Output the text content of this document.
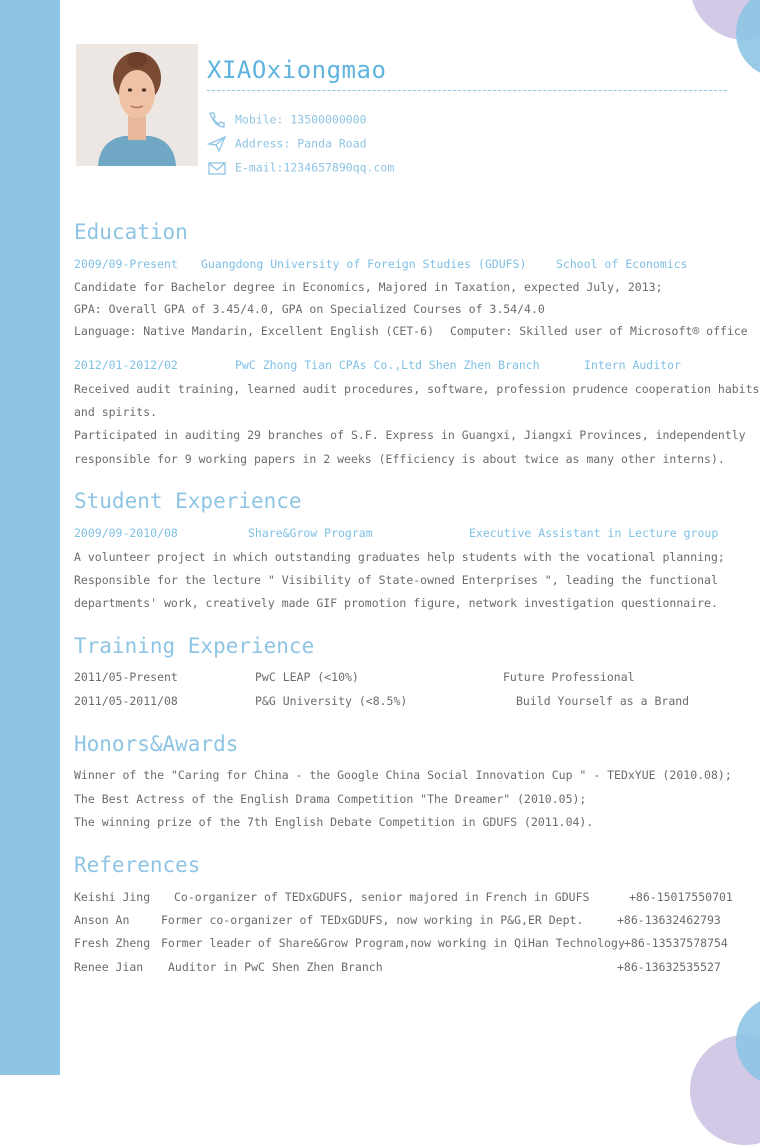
XIAOxiongmao
Mobile: 13500000000
Address: Panda Road
E-mail:1234657890qq.com
Education
2009/09-Present Guangdong University of Foreign Studies (GDUFS)	School of Economics
Candidate for Bachelor degree in Economics, Majored in Taxation, expected July, 2013;
GPA: Overall GPA of 3.45/4.0, GPA on Specialized Courses of 3.54/4.0
Language: Native Mandarin, Excellent English (CET-6) Computer: Skilled user of Microsoft® office
2012/01-2012/02	PwC Zhong Tian CPAs Co.,Ltd Shen Zhen Branch	Intern Auditor
Received audit training, learned audit procedures, software, profession prudence cooperation habits
and spirits.
Participated in auditing 29 branches of S.F. Express in Guangxi, Jiangxi Provinces, independently
responsible for 9 working papers in 2 weeks (Efficiency is about twice as many other interns).
Student Experience
2009/09-2010/08	Share&Grow Program	Executive Assistant in Lecture group
A volunteer project in which outstanding graduates help students with the vocational planning;
Responsible for the lecture " Visibility of State-owned Enterprises ", leading the functional
departments' work, creatively made GIF promotion figure, network investigation questionnaire.
Training Experience
2011/05-Present	PwC LEAP (<10%)	Future Professional
2011/05-2011/08	P&G University (<8.5%)	Build Yourself as a Brand
Honors&Awards
Winner of the "Caring for China - the Google China Social Innovation Cup " - TEDxYUE (2010.08);
The Best Actress of the English Drama Competition "The Dreamer" (2010.05);
The winning prize of the 7th English Debate Competition in GDUFS (2011.04).
References
Keishi Jing Co-organizer of TEDxGDUFS, senior majored in French in GDUFS	+86-15017550701
Anson An	Former co-organizer of TEDxGDUFS, now working in P&G,ER Dept.	+86-13632462793
Fresh Zheng Former leader of Share&Grow Program,now working in QiHan Technology +86-13537578754
Renee Jian Auditor in PwC Shen Zhen Branch	+86-13632535527
